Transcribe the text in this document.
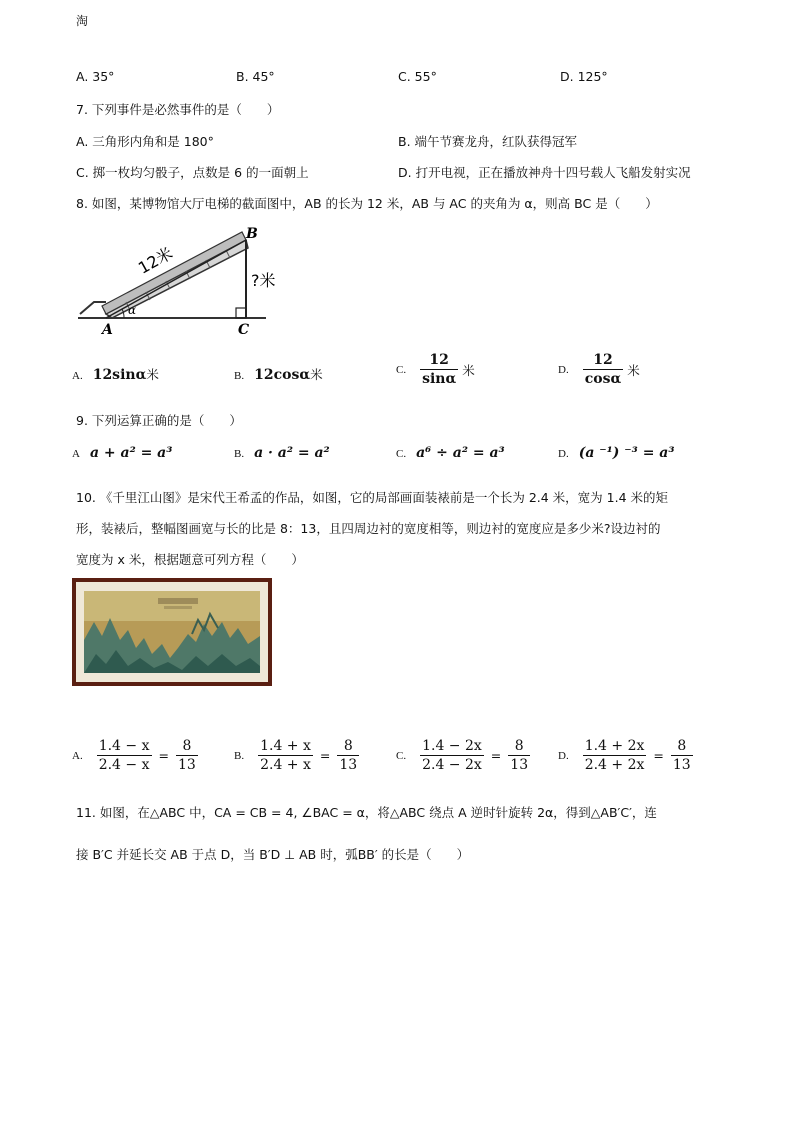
淘
A. 35°	B. 45°	C. 55°	D. 125°
7. 下列事件是必然事件的是（　　）
A. 三角形内角和是 180°	B. 端午节赛龙舟，红队获得冠军
C. 掷一枚均匀骰子，点数是 6 的一面朝上	D. 打开电视，正在播放神舟十四号载人飞船发射实况
8. 如图，某博物馆大厅电梯的截面图中，AB 的长为 12 米，AB 与 AC 的夹角为 α，则高 BC 是（　　）
12米
?米
A
B
C
α
A. 12sinα米	B. 12cosα米	C. $\frac{12}{\sin\alpha}$ 米	D. $\frac{12}{\cos\alpha}$ 米
9. 下列运算正确的是（　　）
A a + a² = a³	B. a · a² = a²	C. a⁶ ÷ a² = a³	D. (a ⁻¹) ⁻³ = a³
10. 《千里江山图》是宋代王希孟的作品，如图，它的局部画面装裱前是一个长为 2.4 米，宽为 1.4 米的矩
形，装裱后，整幅图画宽与长的比是 8：13，且四周边衬的宽度相等，则边衬的宽度应是多少米?设边衬的
宽度为 x 米，根据题意可列方程（　　）
A. $\frac{1.4 - x}{2.4 - x} = \frac{8}{13}$	B. $\frac{1.4 + x}{2.4 + x} = \frac{8}{13}$	C. $\frac{1.4 - 2x}{2.4 - 2x} = \frac{8}{13}$	D. $\frac{1.4 + 2x}{2.4 + 2x} = \frac{8}{13}$
11. 如图，在△ABC 中，CA = CB = 4, ∠BAC = α，将△ABC 绕点 A 逆时针旋转 2α，得到△AB′C′，连
接 B′C 并延长交 AB 于点 D，当 B′D ⊥ AB 时，弧BB′ 的长是（　　）
